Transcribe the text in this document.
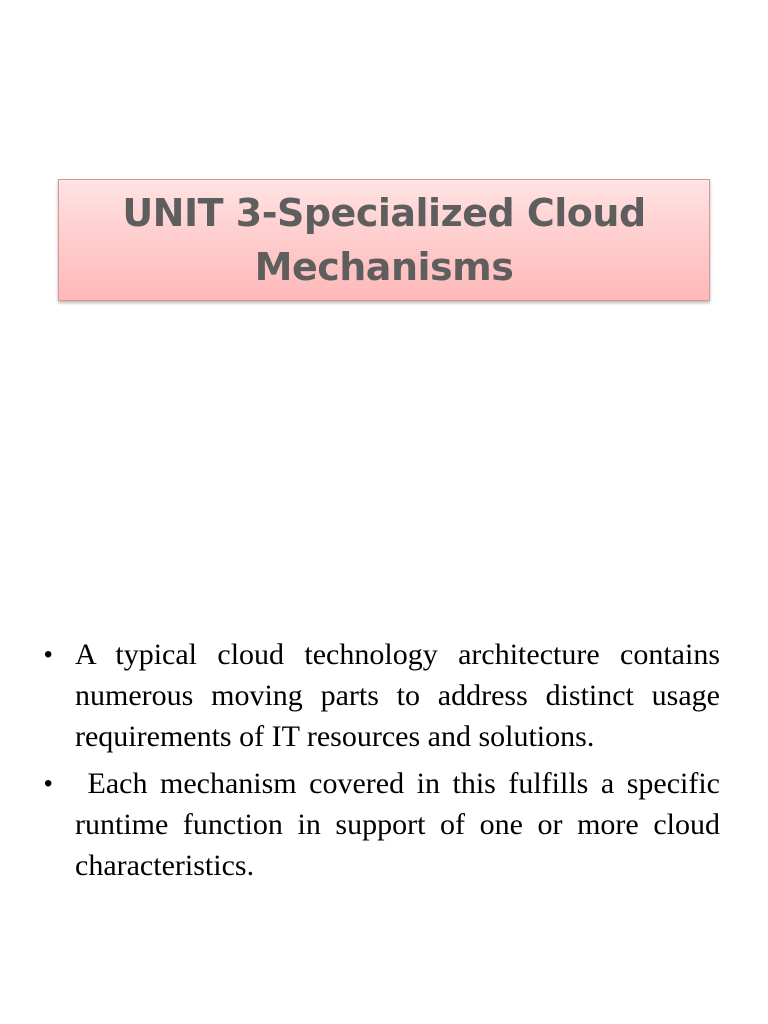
UNIT 3-Specialized Cloud Mechanisms
• A typical cloud technology architecture contains numerous moving parts to address distinct usage requirements of IT resources and solutions.
• Each mechanism covered in this fulfills a specific runtime function in support of one or more cloud characteristics.
